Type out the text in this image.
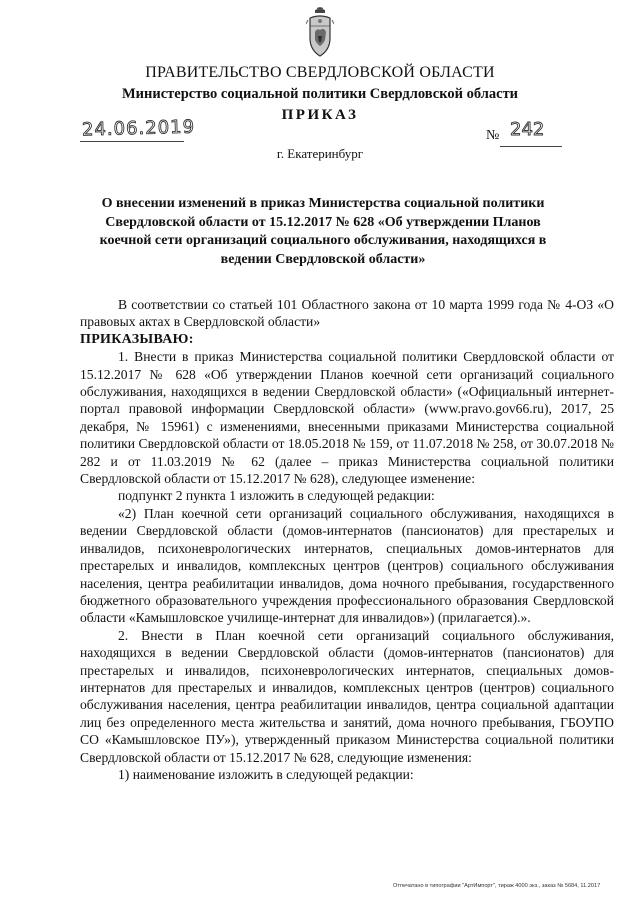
ПРАВИТЕЛЬСТВО СВЕРДЛОВСКОЙ ОБЛАСТИ
Министерство социальной политики Свердловской области
ПРИКАЗ
24.06.2019	№ 242
г. Екатеринбург
О внесении изменений в приказ Министерства социальной политики Свердловской области от 15.12.2017 № 628 «Об утверждении Планов коечной сети организаций социального обслуживания, находящихся в ведении Свердловской области»

В соответствии со статьей 101 Областного закона от 10 марта 1999 года № 4-ОЗ «О правовых актах в Свердловской области»

ПРИКАЗЫВАЮ:

1. Внести в приказ Министерства социальной политики Свердловской области от 15.12.2017 № 628 «Об утверждении Планов коечной сети организаций социального обслуживания, находящихся в ведении Свердловской области» («Официальный интернет-портал правовой информации Свердловской области» (www.pravo.gov66.ru), 2017, 25 декабря, № 15961) с изменениями, внесенными приказами Министерства социальной политики Свердловской области от 18.05.2018 № 159, от 11.07.2018 № 258, от 30.07.2018 № 282 и от 11.03.2019 № 62 (далее – приказ Министерства социальной политики Свердловской области от 15.12.2017 № 628), следующее изменение:

подпункт 2 пункта 1 изложить в следующей редакции:

«2) План коечной сети организаций социального обслуживания, находящихся в ведении Свердловской области (домов-интернатов (пансионатов) для престарелых и инвалидов, психоневрологических интернатов, специальных домов-интернатов для престарелых и инвалидов, комплексных центров (центров) социального обслуживания населения, центра реабилитации инвалидов, дома ночного пребывания, государственного бюджетного образовательного учреждения профессионального образования Свердловской области «Камышловское училище-интернат для инвалидов») (прилагается).».

2. Внести в План коечной сети организаций социального обслуживания, находящихся в ведении Свердловской области (домов-интернатов (пансионатов) для престарелых и инвалидов, психоневрологических интернатов, специальных домов-интернатов для престарелых и инвалидов, комплексных центров (центров) социального обслуживания населения, центра реабилитации инвалидов, центра социальной адаптации лиц без определенного места жительства и занятий, дома ночного пребывания, ГБОУПО СО «Камышловское ПУ»), утвержденный приказом Министерства социальной политики Свердловской области от 15.12.2017 № 628, следующие изменения:

1) наименование изложить в следующей редакции:

Отпечатано в типографии "АртИмпорт", тираж 4000 экз., заказ № 5684, 11.2017
